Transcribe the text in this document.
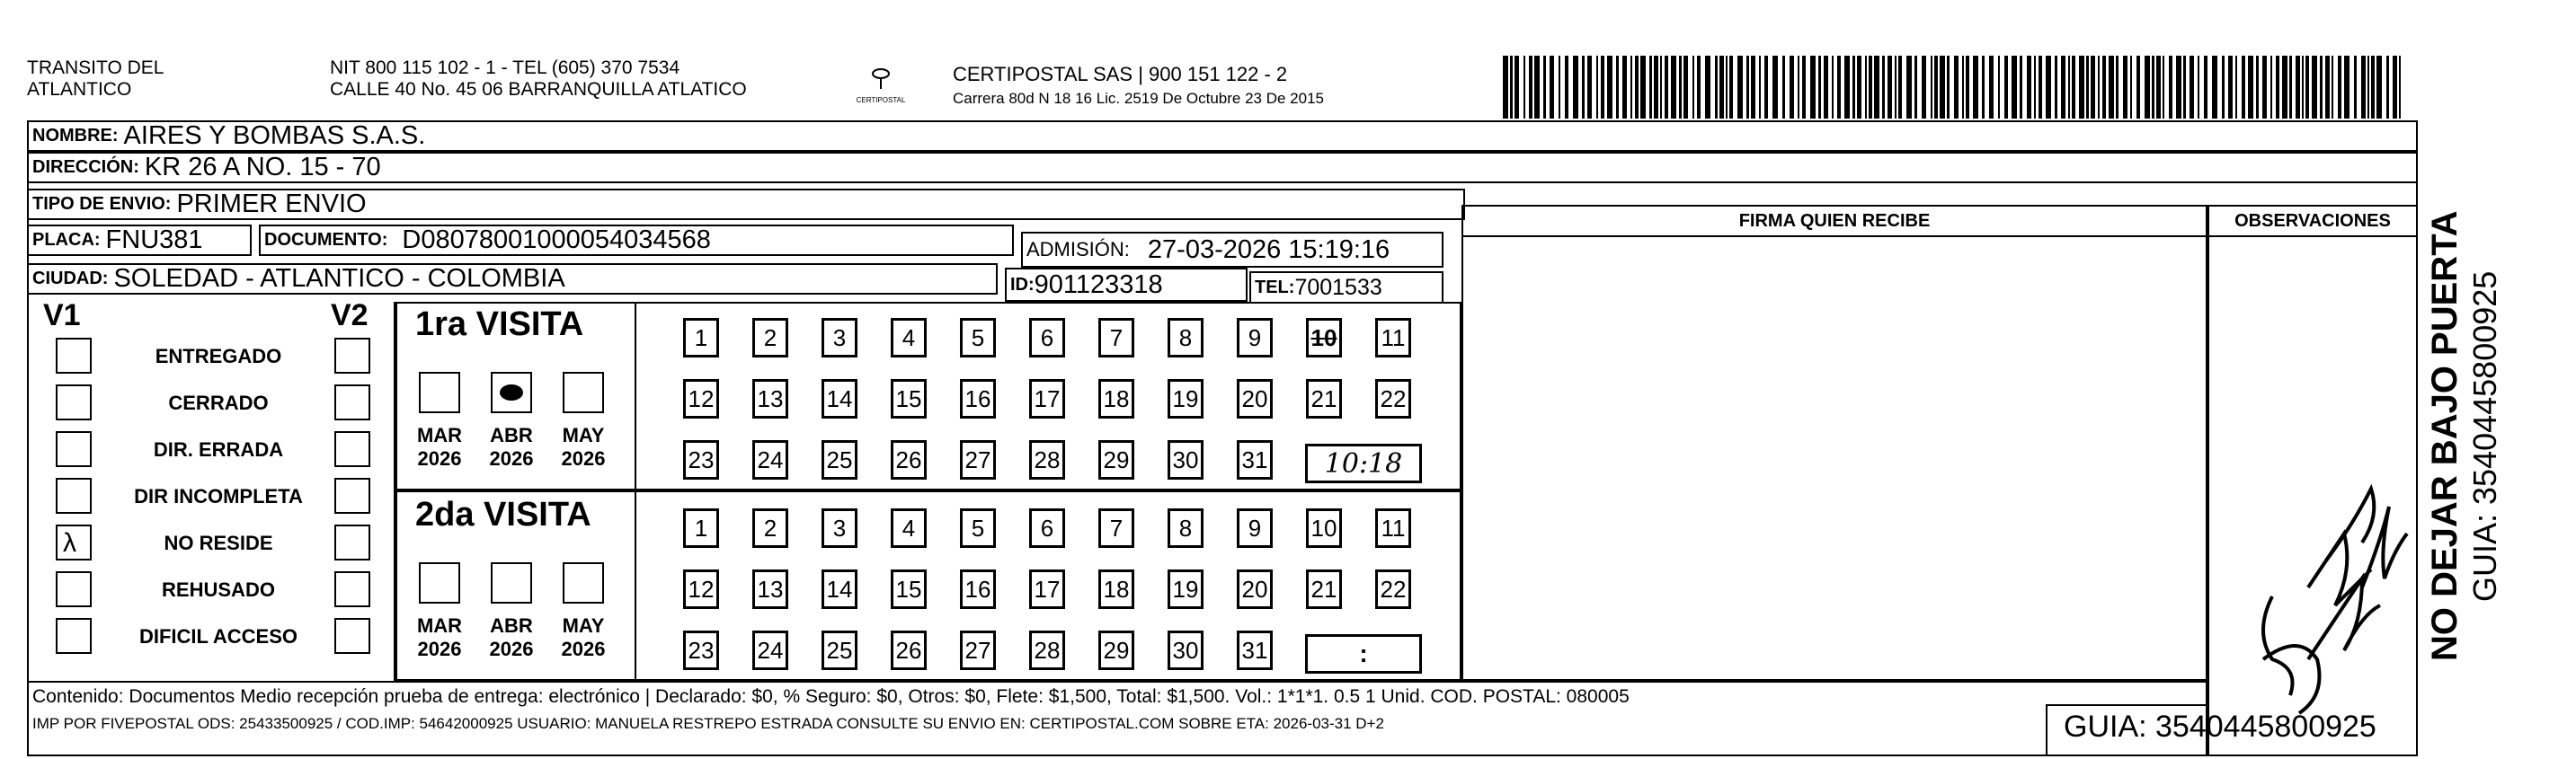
TRANSITO DEL
ATLANTICO
NIT 800 115 102 - 1 - TEL (605) 370 7534
CALLE 40 No. 45 06 BARRANQUILLA ATLATICO
CERTIPOSTAL
CERTIPOSTAL SAS | 900 151 122 - 2
Carrera 80d N 18 16 Lic. 2519 De Octubre 23 De 2015
NOMBRE: AIRES Y BOMBAS S.A.S.
DIRECCIÓN: KR 26 A NO. 15 - 70
TIPO DE ENVIO: PRIMER ENVIO
PLACA: FNU381	DOCUMENTO: D08078001000054034568	ADMISIÓN: 27-03-2026 15:19:16
CIUDAD: SOLEDAD - ATLANTICO - COLOMBIA	ID: 901123318	TEL: 7001533
FIRMA QUIEN RECIBE	OBSERVACIONES
V1	V2
ENTREGADO
CERRADO
DIR. ERRADA
DIR INCOMPLETA
λ	NO RESIDE
REHUSADO
DIFICIL ACCESO
1ra VISITA
MAR
2026
ABR
2026
MAY
2026
1	2	3	4	5	6	7	8	9	10 11
12 13 14 15 16 17 18 19 20 21 22
23 24 25 26 27 28 29 30 31	10:18
2da VISITA
MAR
2026
ABR
2026
MAY
2026
1	2	3	4	5	6	7	8	9	10 11
12 13 14 15 16 17 18 19 20 21 22
23 24 25 26 27 28 29 30 31	:
Contenido: Documentos Medio recepción prueba de entrega: electrónico | Declarado: $0, % Seguro: $0, Otros: $0, Flete: $1,500, Total: $1,500. Vol.: 1*1*1. 0.5 1 Unid. COD. POSTAL: 080005
IMP POR FIVEPOSTAL ODS: 25433500925 / COD.IMP: 54642000925 USUARIO: MANUELA RESTREPO ESTRADA CONSULTE SU ENVIO EN: CERTIPOSTAL.COM SOBRE ETA: 2026-03-31 D+2	GUIA: 3540445800925
NO DEJAR BAJO PUERTA GUIA: 3540445800925
